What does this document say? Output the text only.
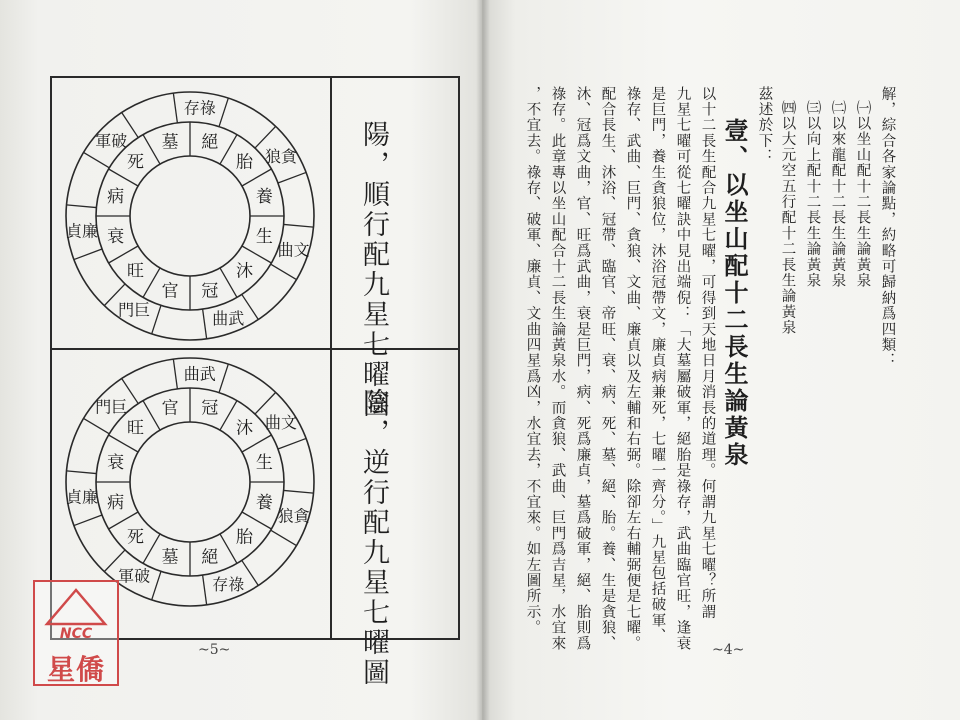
陽，順行配九星七曜圖
陰，逆行配九星七曜圖
胎
養
生
沐
冠
官
旺
衰
病
死
墓 絕
狼貪
曲文
曲武
門巨
貞廉
軍破
存祿
沐
生
養
胎
絕
墓
死
病
衰
旺
官 冠
曲文
狼貪
存祿
軍破
貞廉
門巨
曲武
~5~
解，綜合各家論點，約略可歸納爲四類：
㈠以坐山配十二長生論黃泉
㈡以來龍配十二長生論黃泉
㈢以向上配十二長生論黃泉
㈣以大元空五行配十二長生論黃泉
茲述於下：
壹、以坐山配十二長生論黃泉
以十二長生配合九星七曜，可得到天地日月消長的道理。何謂九星七曜？所謂
九星七曜可從七曜訣中見出端倪：「大墓屬破軍，絕胎是祿存，武曲臨官旺，逢衰
是巨門，養生貪狼位，沐浴冠帶文，廉貞病兼死，七曜一齊分。」九星包括破軍、
祿存、武曲、巨門、貪狼、文曲、廉貞以及左輔和右弼。除卻左右輔弼便是七曜。
配合長生、沐浴、冠帶、臨官、帝旺、衰、病、死、墓、絕、胎。養、生是貪狼、
沐、冠爲文曲，官、旺爲武曲，衰是巨門，病、死爲廉貞，墓爲破軍，絕、胎則爲
祿存。此章專以坐山配合十二長生論黃泉水。而貪狼、武曲、巨門爲吉星，水宜來
，不宜去。祿存、破軍、廉貞、文曲四星爲凶，水宜去，不宜來。如左圖所示。
~4~
NCC
星僑
